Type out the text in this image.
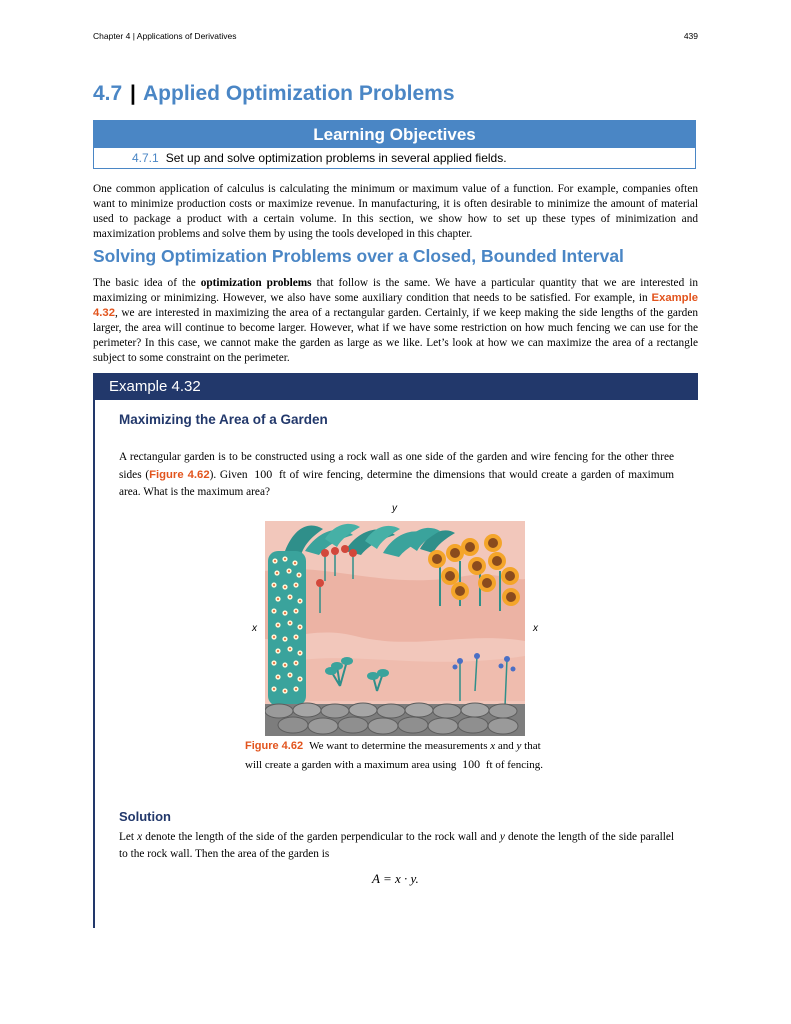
Chapter 4 | Applications of Derivatives	439
4.7 | Applied Optimization Problems
Learning Objectives
4.7.1 Set up and solve optimization problems in several applied fields.

One common application of calculus is calculating the minimum or maximum value of a function. For example, companies often want to minimize production costs or maximize revenue. In manufacturing, it is often desirable to minimize the amount of material used to package a product with a certain volume. In this section, we show how to set up these types of minimization and maximization problems and solve them by using the tools developed in this chapter.

Solving Optimization Problems over a Closed, Bounded Interval

The basic idea of the optimization problems that follow is the same. We have a particular quantity that we are interested in maximizing or minimizing. However, we also have some auxiliary condition that needs to be satisfied. For example, in Example 4.32, we are interested in maximizing the area of a rectangular garden. Certainly, if we keep making the side lengths of the garden larger, the area will continue to become larger. However, what if we have some restriction on how much fencing we can use for the perimeter? In this case, we cannot make the garden as large as we like. Let’s look at how we can maximize the area of a rectangle subject to some constraint on the perimeter.

Example 4.32
Maximizing the Area of a Garden

A rectangular garden is to be constructed using a rock wall as one side of the garden and wire fencing for the other three sides (Figure 4.62). Given 100 ft of wire fencing, determine the dimensions that would create a garden of maximum area. What is the maximum area?

y
x	x

Figure 4.62 We want to determine the measurements x and y that will create a garden with a maximum area using 100 ft of fencing.

Solution

Let x denote the length of the side of the garden perpendicular to the rock wall and y denote the length of the side parallel to the rock wall. Then the area of the garden is

A = x · y.
